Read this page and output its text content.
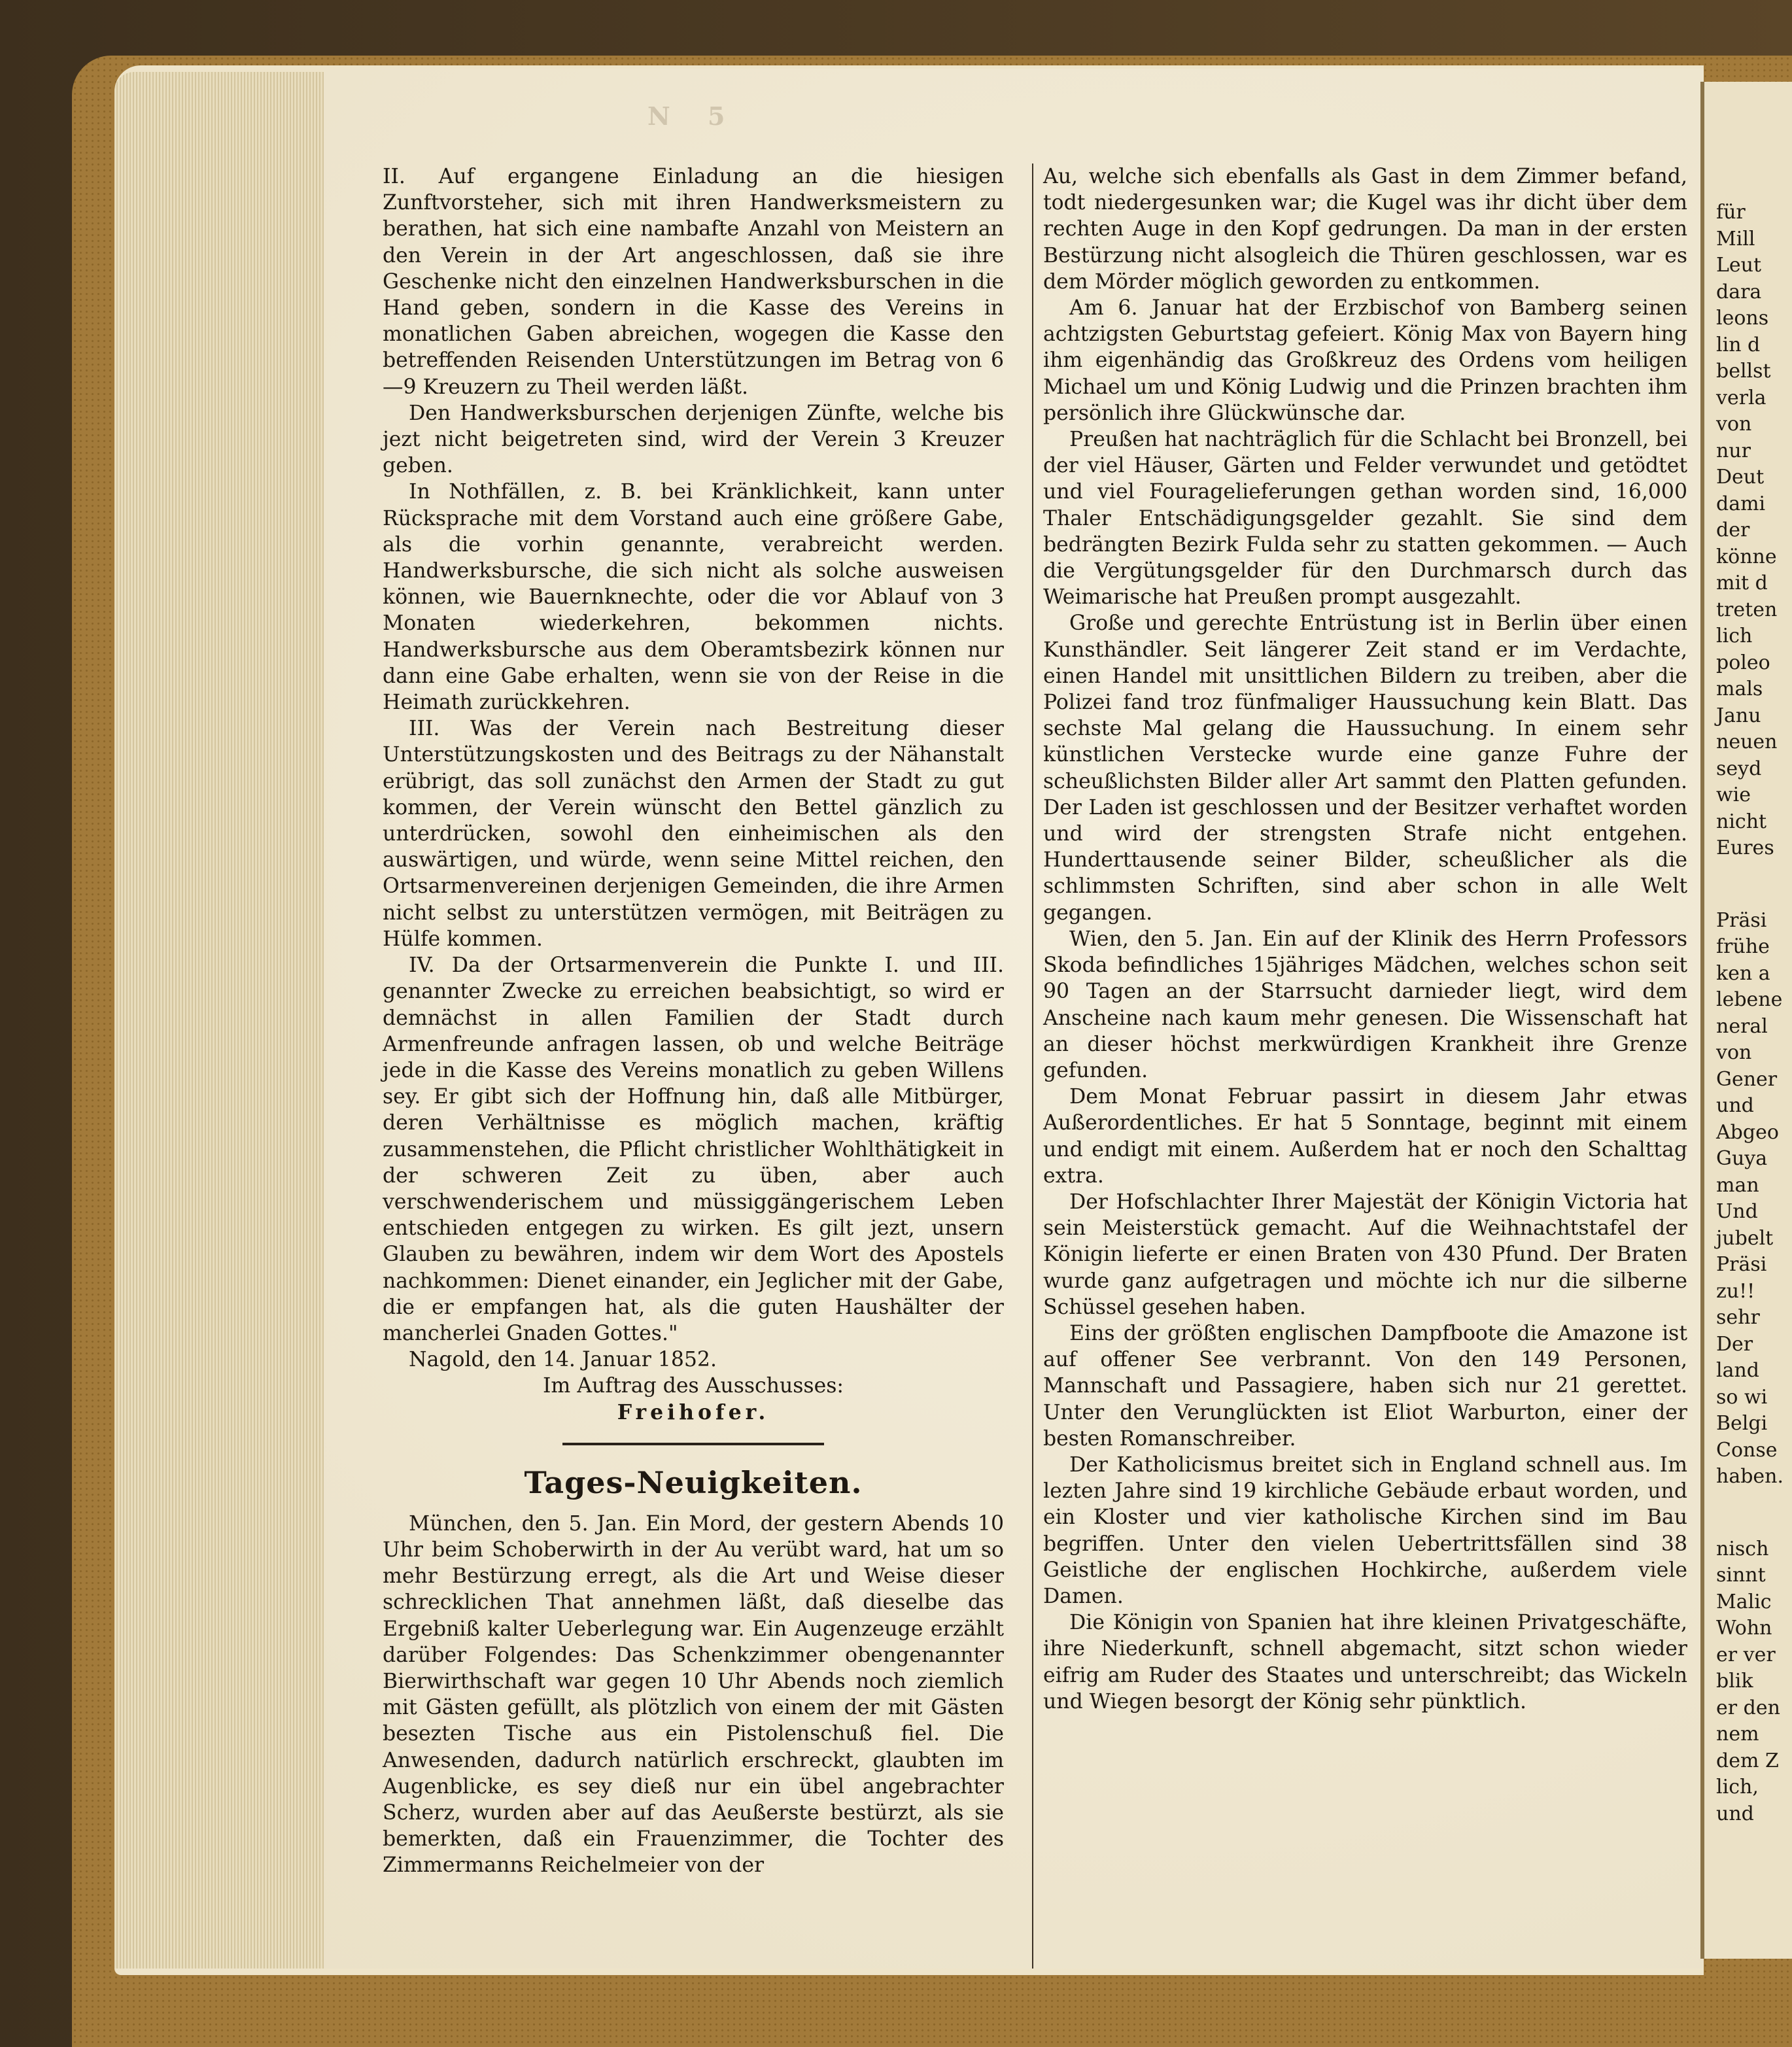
N 5

II. Auf ergangene Einladung an die hiesigen Zunftvorsteher, sich mit ihren Handwerksmeistern zu berathen, hat sich eine nambafte Anzahl von Meistern an den Verein in der Art angeschlossen, daß sie ihre Geschenke nicht den einzelnen Handwerksburschen in die Hand geben, sondern in die Kasse des Vereins in monatlichen Gaben abreichen, wogegen die Kasse den betreffenden Reisenden Unterstützungen im Betrag von 6—9 Kreuzern zu Theil werden läßt.

Den Handwerksburschen derjenigen Zünfte, welche bis jezt nicht beigetreten sind, wird der Verein 3 Kreuzer geben.

In Nothfällen, z. B. bei Kränklichkeit, kann unter Rücksprache mit dem Vorstand auch eine größere Gabe, als die vorhin genannte, verabreicht werden. Handwerksbursche, die sich nicht als solche ausweisen können, wie Bauernknechte, oder die vor Ablauf von 3 Monaten wiederkehren, bekommen nichts. Handwerksbursche aus dem Oberamtsbezirk können nur dann eine Gabe erhalten, wenn sie von der Reise in die Heimath zurückkehren.

III. Was der Verein nach Bestreitung dieser Unterstützungskosten und des Beitrags zu der Nähanstalt erübrigt, das soll zunächst den Armen der Stadt zu gut kommen, der Verein wünscht den Bettel gänzlich zu unterdrücken, sowohl den einheimischen als den auswärtigen, und würde, wenn seine Mittel reichen, den Ortsarmenvereinen derjenigen Gemeinden, die ihre Armen nicht selbst zu unterstützen vermögen, mit Beiträgen zu Hülfe kommen.

IV. Da der Ortsarmenverein die Punkte I. und III. genannter Zwecke zu erreichen beabsichtigt, so wird er demnächst in allen Familien der Stadt durch Armenfreunde anfragen lassen, ob und welche Beiträge jede in die Kasse des Vereins monatlich zu geben Willens sey. Er gibt sich der Hoffnung hin, daß alle Mitbürger, deren Verhältnisse es möglich machen, kräftig zusammenstehen, die Pflicht christlicher Wohlthätigkeit in der schweren Zeit zu üben, aber auch verschwenderischem und müssiggängerischem Leben entschieden entgegen zu wirken. Es gilt jezt, unsern Glauben zu bewähren, indem wir dem Wort des Apostels nachkommen: Dienet einander, ein Jeglicher mit der Gabe, die er empfangen hat, als die guten Haushälter der mancherlei Gnaden Gottes."

Nagold, den 14. Januar 1852.

Im Auftrag des Ausschusses:

Freihofer.

Tages-Neuigkeiten.

München, den 5. Jan. Ein Mord, der gestern Abends 10 Uhr beim Schoberwirth in der Au verübt ward, hat um so mehr Bestürzung erregt, als die Art und Weise dieser schrecklichen That annehmen läßt, daß dieselbe das Ergebniß kalter Ueberlegung war. Ein Augenzeuge erzählt darüber Folgendes: Das Schenkzimmer obengenannter Bierwirthschaft war gegen 10 Uhr Abends noch ziemlich mit Gästen gefüllt, als plötzlich von einem der mit Gästen besezten Tische aus ein Pistolenschuß fiel. Die Anwesenden, dadurch natürlich erschreckt, glaubten im Augenblicke, es sey dieß nur ein übel angebrachter Scherz, wurden aber auf das Aeußerste bestürzt, als sie bemerkten, daß ein Frauenzimmer, die Tochter des Zimmermanns Reichelmeier von der

Au, welche sich ebenfalls als Gast in dem Zimmer befand, todt niedergesunken war; die Kugel was ihr dicht über dem rechten Auge in den Kopf gedrungen. Da man in der ersten Bestürzung nicht alsogleich die Thüren geschlossen, war es dem Mörder möglich geworden zu entkommen.

Am 6. Januar hat der Erzbischof von Bamberg seinen achtzigsten Geburtstag gefeiert. König Max von Bayern hing ihm eigenhändig das Großkreuz des Ordens vom heiligen Michael um und König Ludwig und die Prinzen brachten ihm persönlich ihre Glückwünsche dar.

Preußen hat nachträglich für die Schlacht bei Bronzell, bei der viel Häuser, Gärten und Felder verwundet und getödtet und viel Fouragelieferungen gethan worden sind, 16,000 Thaler Entschädigungsgelder gezahlt. Sie sind dem bedrängten Bezirk Fulda sehr zu statten gekommen. — Auch die Vergütungsgelder für den Durchmarsch durch das Weimarische hat Preußen prompt ausgezahlt.

Große und gerechte Entrüstung ist in Berlin über einen Kunsthändler. Seit längerer Zeit stand er im Verdachte, einen Handel mit unsittlichen Bildern zu treiben, aber die Polizei fand troz fünfmaliger Haussuchung kein Blatt. Das sechste Mal gelang die Haussuchung. In einem sehr künstlichen Verstecke wurde eine ganze Fuhre der scheußlichsten Bilder aller Art sammt den Platten gefunden. Der Laden ist geschlossen und der Besitzer verhaftet worden und wird der strengsten Strafe nicht entgehen. Hunderttausende seiner Bilder, scheußlicher als die schlimmsten Schriften, sind aber schon in alle Welt gegangen.

Wien, den 5. Jan. Ein auf der Klinik des Herrn Professors Skoda befindliches 15jähriges Mädchen, welches schon seit 90 Tagen an der Starrsucht darnieder liegt, wird dem Anscheine nach kaum mehr genesen. Die Wissenschaft hat an dieser höchst merkwürdigen Krankheit ihre Grenze gefunden.

Dem Monat Februar passirt in diesem Jahr etwas Außerordentliches. Er hat 5 Sonntage, beginnt mit einem und endigt mit einem. Außerdem hat er noch den Schalttag extra.

Der Hofschlachter Ihrer Majestät der Königin Victoria hat sein Meisterstück gemacht. Auf die Weihnachtstafel der Königin lieferte er einen Braten von 430 Pfund. Der Braten wurde ganz aufgetragen und möchte ich nur die silberne Schüssel gesehen haben.

Eins der größten englischen Dampfboote die Amazone ist auf offener See verbrannt. Von den 149 Personen, Mannschaft und Passagiere, haben sich nur 21 gerettet. Unter den Verunglückten ist Eliot Warburton, einer der besten Romanschreiber.

Der Katholicismus breitet sich in England schnell aus. Im lezten Jahre sind 19 kirchliche Gebäude erbaut worden, und ein Kloster und vier katholische Kirchen sind im Bau begriffen. Unter den vielen Uebertrittsfällen sind 38 Geistliche der englischen Hochkirche, außerdem viele Damen.

Die Königin von Spanien hat ihre kleinen Privatgeschäfte, ihre Niederkunft, schnell abgemacht, sitzt schon wieder eifrig am Ruder des Staates und unterschreibt; das Wickeln und Wiegen besorgt der König sehr pünktlich.

für
Mill
Leut
dara
leons
lin d
bellst
verla
von
nur
Deut
dami
der
könne
mit d
treten
lich
poleo
mals
Janu
neuen
seyd
wie
nicht
Eures
Präsi
frühe
ken a
lebene
neral
von
Gener
und
Abgeo
Guya
man
Und
jubelt
Präsi
zu!!
sehr
Der
land
so wi
Belgi
Conse
haben.
nisch
sinnt
Malic
Wohn
er ver
blik
er den
nem
dem Z
lich,
und
